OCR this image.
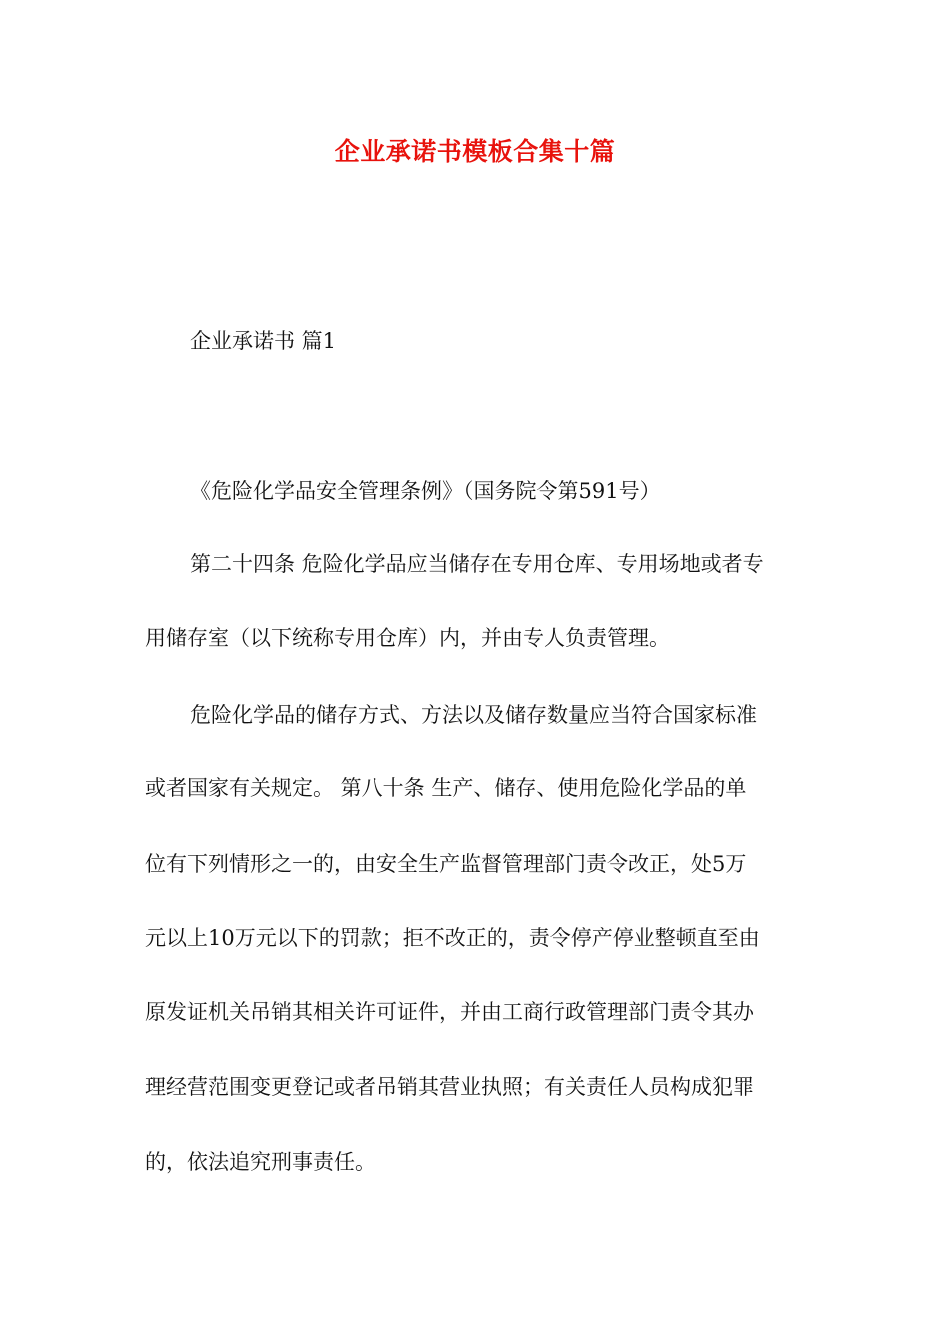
企业承诺书模板合集十篇
企业承诺书 篇1
《危险化学品安全管理条例》（国务院令第591号）
第二十四条 危险化学品应当储存在专用仓库、专用场地或者专
用储存室（以下统称专用仓库）内，并由专人负责管理。
危险化学品的储存方式、方法以及储存数量应当符合国家标准
或者国家有关规定。 第八十条 生产、储存、使用危险化学品的单
位有下列情形之一的，由安全生产监督管理部门责令改正，处5万
元以上10万元以下的罚款；拒不改正的，责令停产停业整顿直至由
原发证机关吊销其相关许可证件，并由工商行政管理部门责令其办
理经营范围变更登记或者吊销其营业执照；有关责任人员构成犯罪
的，依法追究刑事责任。
